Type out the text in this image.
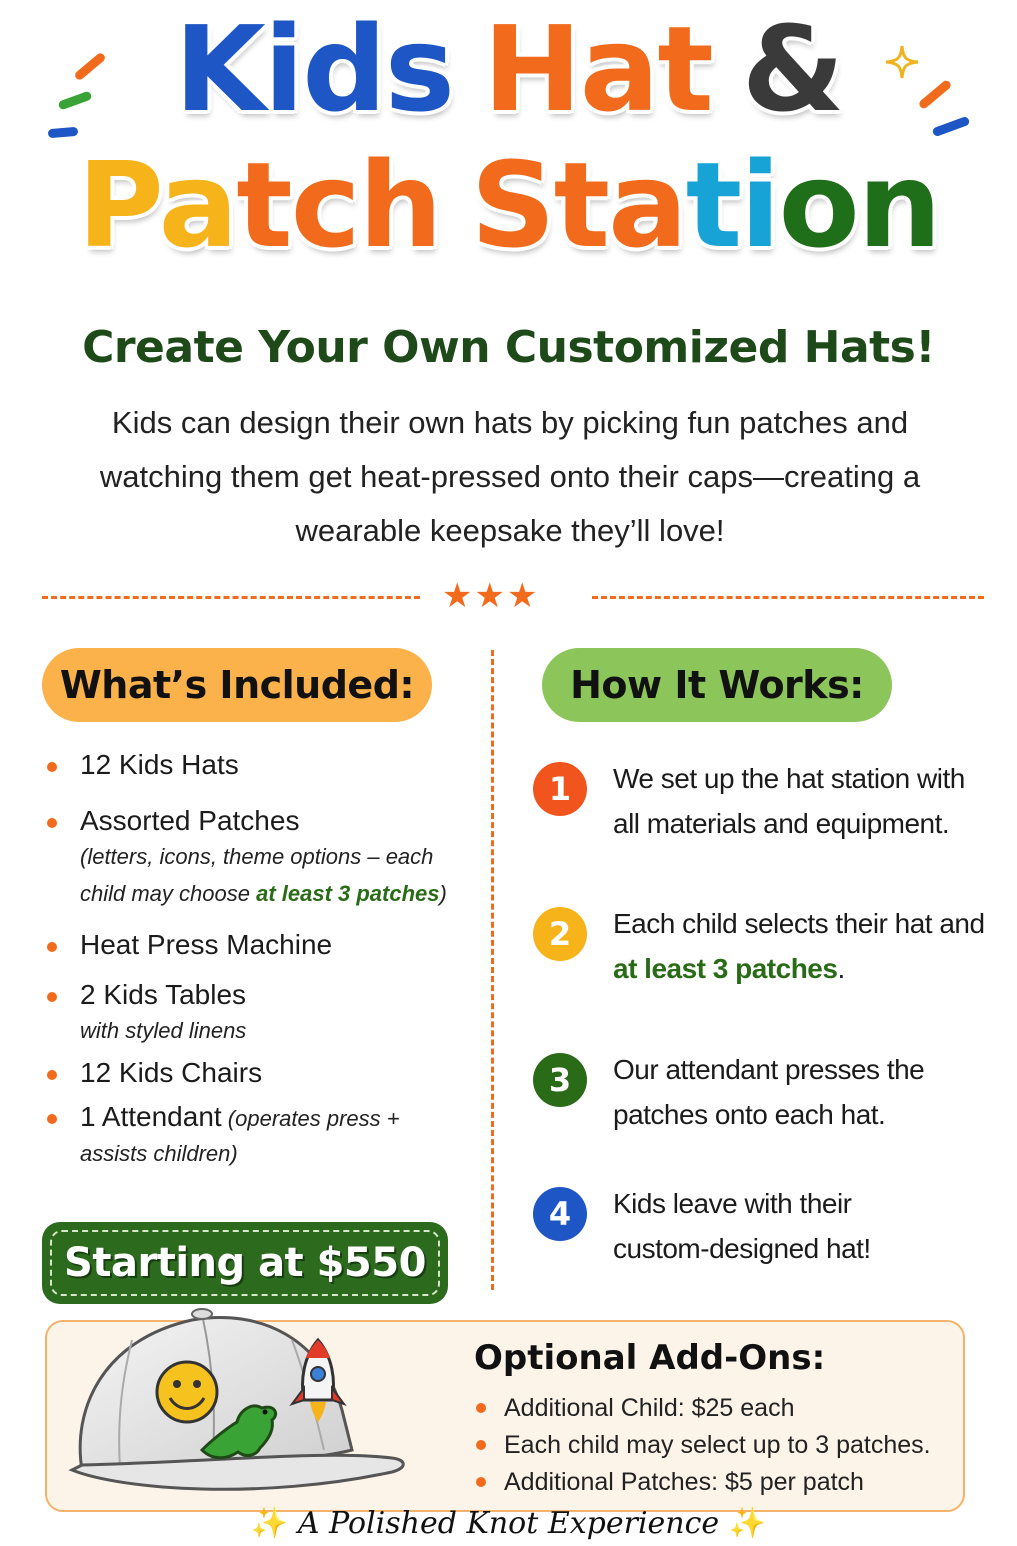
Kids Hat &
Patch Station
Create Your Own Customized Hats!
Kids can design their own hats by picking fun patches and watching them get heat-pressed onto their caps—creating a wearable keepsake they’ll love!
★★★
What’s Included:	How It Works:
12 Kids Hats
Assorted Patches
(letters, icons, theme options – each child may choose at least 3 patches)
Heat Press Machine
2 Kids Tables
with styled linens
12 Kids Chairs
1 Attendant (operates press + assists children)
Starting at $550
1	We set up the hat station with all materials and equipment.
2	Each child selects their hat and at least 3 patches.
3	Our attendant presses the patches onto each hat.
4	Kids leave with their custom-designed hat!
Optional Add-Ons:
Additional Child: $25 each
Each child may select up to 3 patches.
Additional Patches: $5 per patch
✨ A Polished Knot Experience ✨
